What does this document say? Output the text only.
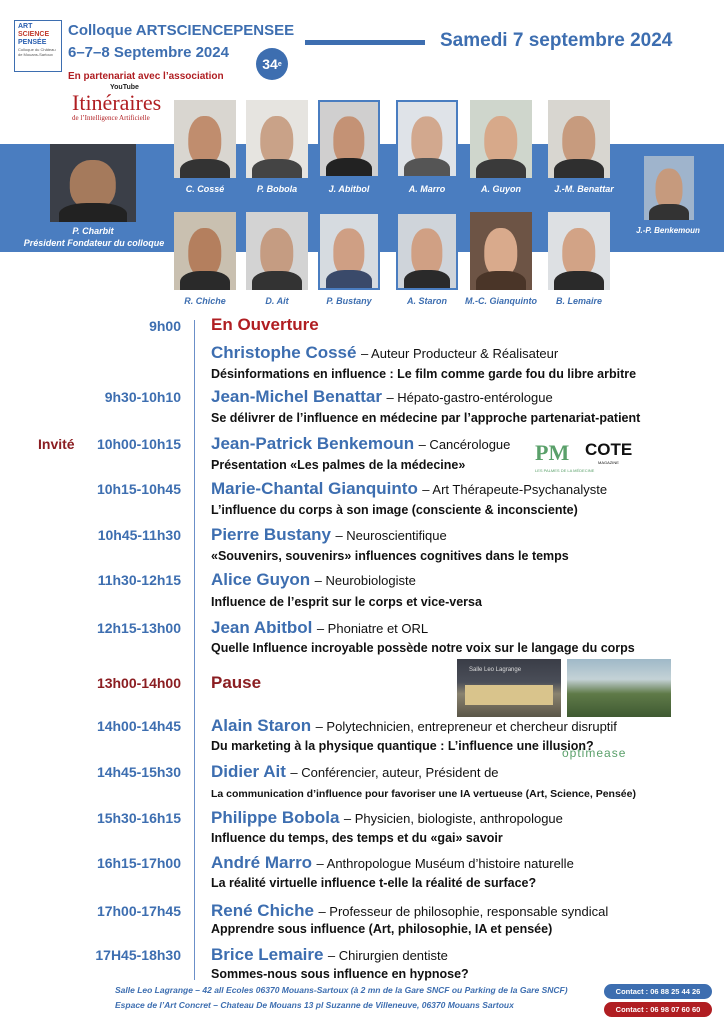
ART
SCIENCE
PENSÉE
Colloque du Château de Mouans-Sartoux
Colloque ARTSCIENCEPENSEE
6–7–8 Septembre 2024
34 e
Samedi 7 septembre 2024
En partenariat avec l’association
YouTube
Itinéraires
de l’Intelligence Artificielle
P. Charbit
Président Fondateur du colloque
C. Cossé	P. Bobola	J. Abitbol	A. Marro	A. Guyon	J.-M. Benattar
J.-P. Benkemoun
R. Chiche	D. Ait	P. Bustany	A. Staron	M.-C. Gianquinto	B. Lemaire
9h00 En Ouverture
Christophe Cossé – Auteur Producteur & Réalisateur
Désinformations en influence : Le film comme garde fou du libre arbitre
9h30-10h10 Jean-Michel Benattar – Hépato-gastro-entérologue
Se délivrer de l’influence en médecine par l’approche partenariat-patient
Invité 10h00-10h15 Jean-Patrick Benkemoun – Cancérologue
Présentation «Les palmes de la médecine»	PM
LES PALMES DE LA MÉDECINE
COTE
MAGAZINE
10h15-10h45 Marie-Chantal Gianquinto – Art Thérapeute-Psychanalyste
L’influence du corps à son image (consciente & inconsciente)
10h45-11h30 Pierre Bustany – Neuroscientifique
«Souvenirs, souvenirs» influences cognitives dans le temps
11h30-12h15 Alice Guyon – Neurobiologiste
Influence de l’esprit sur le corps et vice-versa
12h15-13h00 Jean Abitbol – Phoniatre et ORL
Quelle Influence incroyable possède notre voix sur le langage du corps
13h00-14h00 Pause
Salle Leo Lagrange
14h00-14h45 Alain Staron – Polytechnicien, entrepreneur et chercheur disruptif
Du marketing à la physique quantique : L’influence une illusion?
optimease
14h45-15h30 Didier Ait – Conférencier, auteur, Président de
La communication d’influence pour favoriser une IA vertueuse (Art, Science, Pensée)
15h30-16h15 Philippe Bobola – Physicien, biologiste, anthropologue
Influence du temps, des temps et du «gai» savoir
16h15-17h00 André Marro – Anthropologue Muséum d’histoire naturelle
La réalité virtuelle influence t-elle la réalité de surface?
17h00-17h45 René Chiche – Professeur de philosophie, responsable syndical
Apprendre sous influence (Art, philosophie, IA et pensée)
17H45-18h30 Brice Lemaire – Chirurgien dentiste
Sommes-nous sous influence en hypnose?
Salle Leo Lagrange – 42 all Ecoles 06370 Mouans-Sartoux (à 2 mn de la Gare SNCF ou Parking de la Gare SNCF)
Espace de l’Art Concret – Chateau De Mouans 13 pl Suzanne de Villeneuve, 06370 Mouans Sartoux
Contact : 06 88 25 44 26
Contact : 06 98 07 60 60
